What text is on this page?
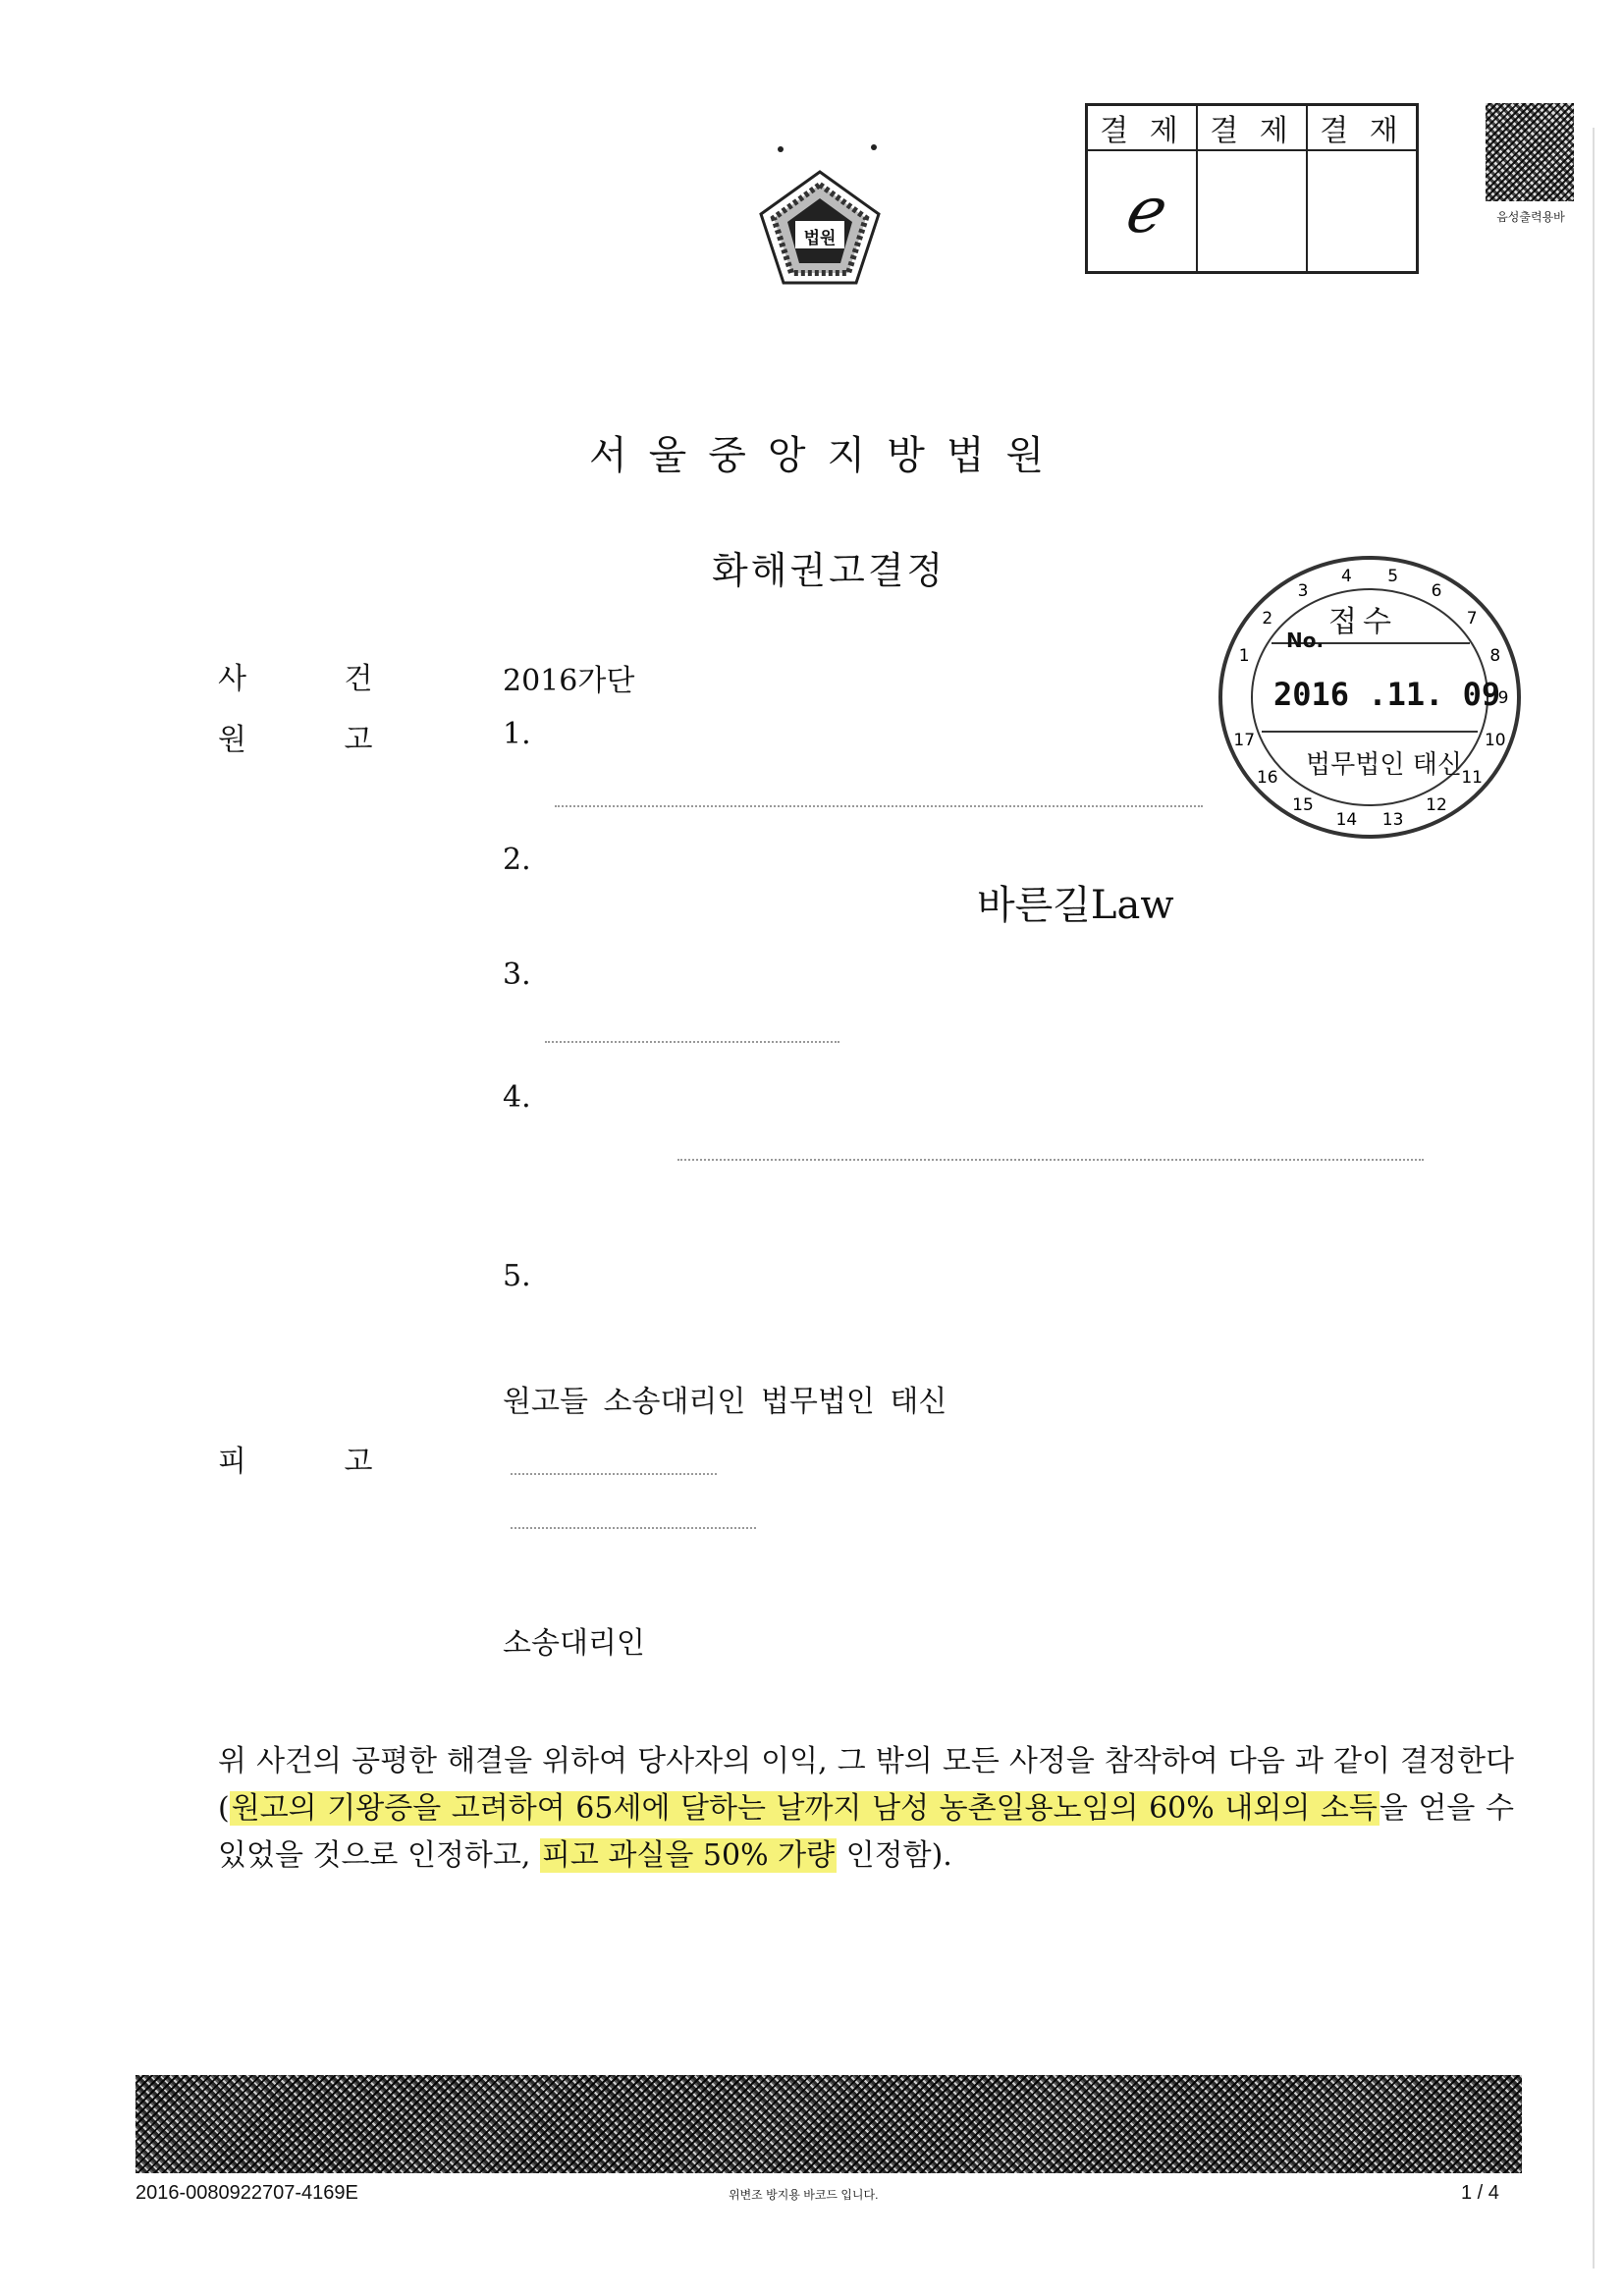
법원
결 제	결 제	결 재
ℯ			음성출력용바
서울중앙지방법원
화해권고결정
1
2
3
4 5
6
7
8
9
10
11
12
13
14
15
16
17
No.
접수
2016 .11. 09
법무법인 태신
사 건	2016가단
원 고	1.
2.
바른길Law
3.
4.
5.
원고들 소송대리인 법무법인 태신
피 고
소송대리인
위 사건의 공평한 해결을 위하여 당사자의 이익, 그 밖의 모든 사정을 참작하여 다음 과 같이 결정한다(원고의 기왕증을 고려하여 65세에 달하는 날까지 남성 농촌일용노임의 60% 내외의 소득을 얻을 수 있었을 것으로 인정하고, 피고 과실을 50% 가량 인정함).
2016-0080922707-4169E	위변조 방지용 바코드 입니다.	1 / 4
